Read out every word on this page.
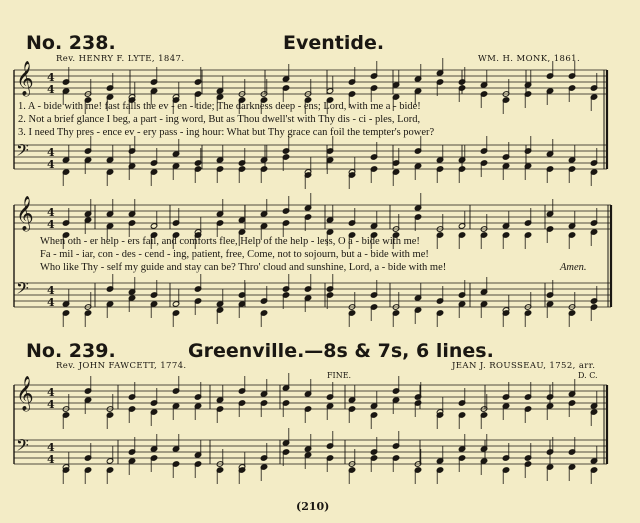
No. 238.	Eventide.
Rev. HENRY F. LYTE, 1847.	WM. H. MONK, 1861.
𝄞 4
4
𝄢 4
4
𝄞 4
4
𝄢 4
4
𝄞 4
4
𝄢 4
4
1. A - bide with me! fast falls the ev - en - tide; The darkness deep - ens; Lord, with me a - bide!
2. Not a brief glance I beg, a part - ing word, But as Thou dwell'st with Thy dis - ci - ples, Lord,
3. I need Thy pres - ence ev - ery pass - ing hour: What but Thy grace can foil the tempter's power?
When oth - er help - ers fail, and comforts flee, Help of the help - less, O a - bide with me!
Fa - mil - iar, con - des - cend - ing, patient, free, Come, not to sojourn, but a - bide with me!
Who like Thy - self my guide and stay can be? Thro' cloud and sunshine, Lord, a - bide with me!	Amen.
No. 239.	Greenville.—8s & 7s, 6 lines.
Rev. JOHN FAWCETT, 1774.	JEAN J. ROUSSEAU, 1752, arr.
FINE.	D. C.
(210)
